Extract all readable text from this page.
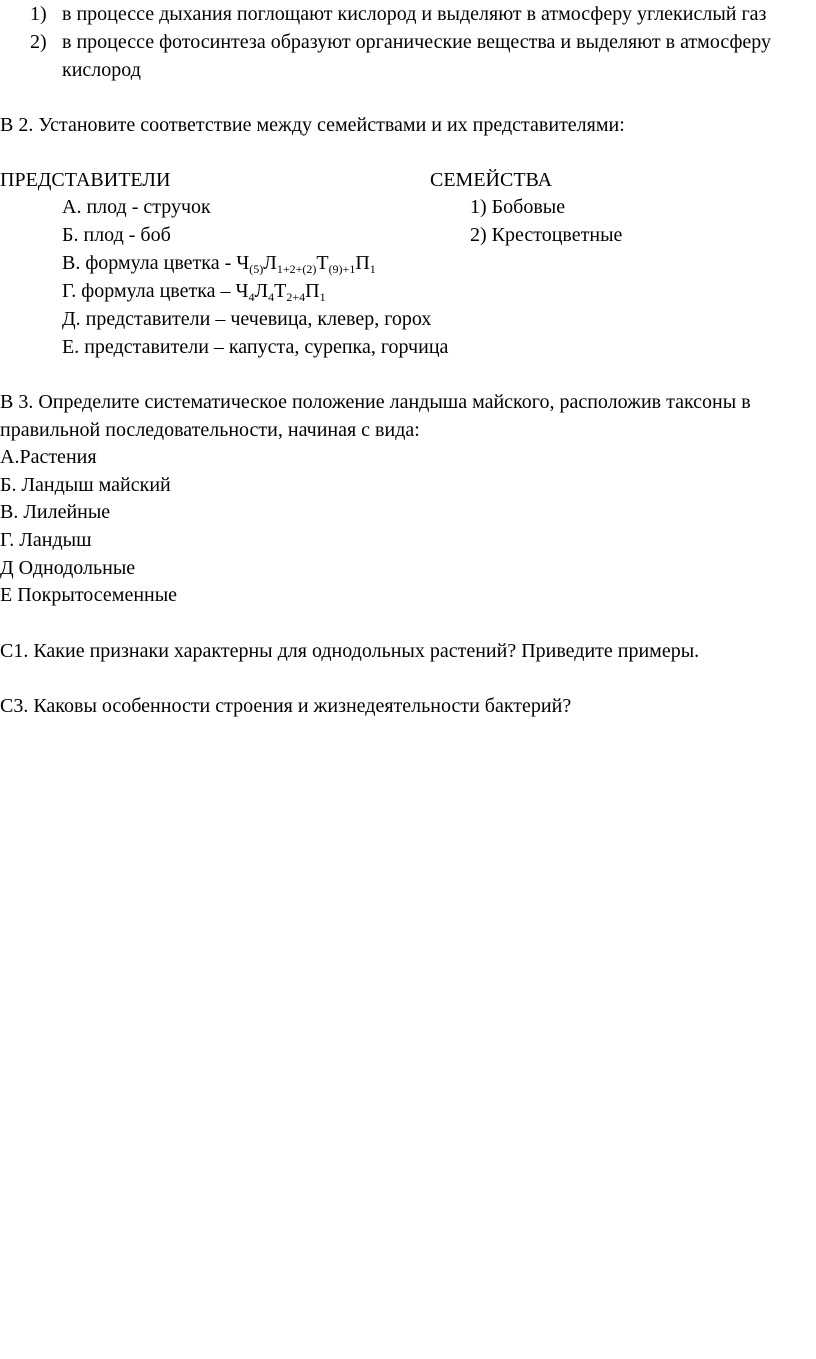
1) в процессе дыхания поглощают кислород и выделяют в атмосферу углекислый газ
2) в процессе фотосинтеза образуют органические вещества и выделяют в атмосферу
кислород
В 2. Установите соответствие между семействами и их представителями:
ПРЕДСТАВИТЕЛИ	СЕМЕЙСТВА
А. плод - стручок	1) Бобовые
Б. плод - боб	2) Крестоцветные
В. формула цветка - $Ч_{(5)}Л_{1+2+(2)}Т_{(9)+1}П_1$
Г. формула цветка – $Ч_4Л_4Т_{2+4}П_1$
Д. представители – чечевица, клевер, горох
Е. представители – капуста, сурепка, горчица
В 3. Определите систематическое положение ландыша майского, расположив таксоны в
правильной последовательности, начиная с вида:
А.Растения
Б. Ландыш майский
В. Лилейные
Г. Ландыш
Д Однодольные
Е Покрытосеменные
С1. Какие признаки характерны для однодольных растений? Приведите примеры.
С3. Каковы особенности строения и жизнедеятельности бактерий?
